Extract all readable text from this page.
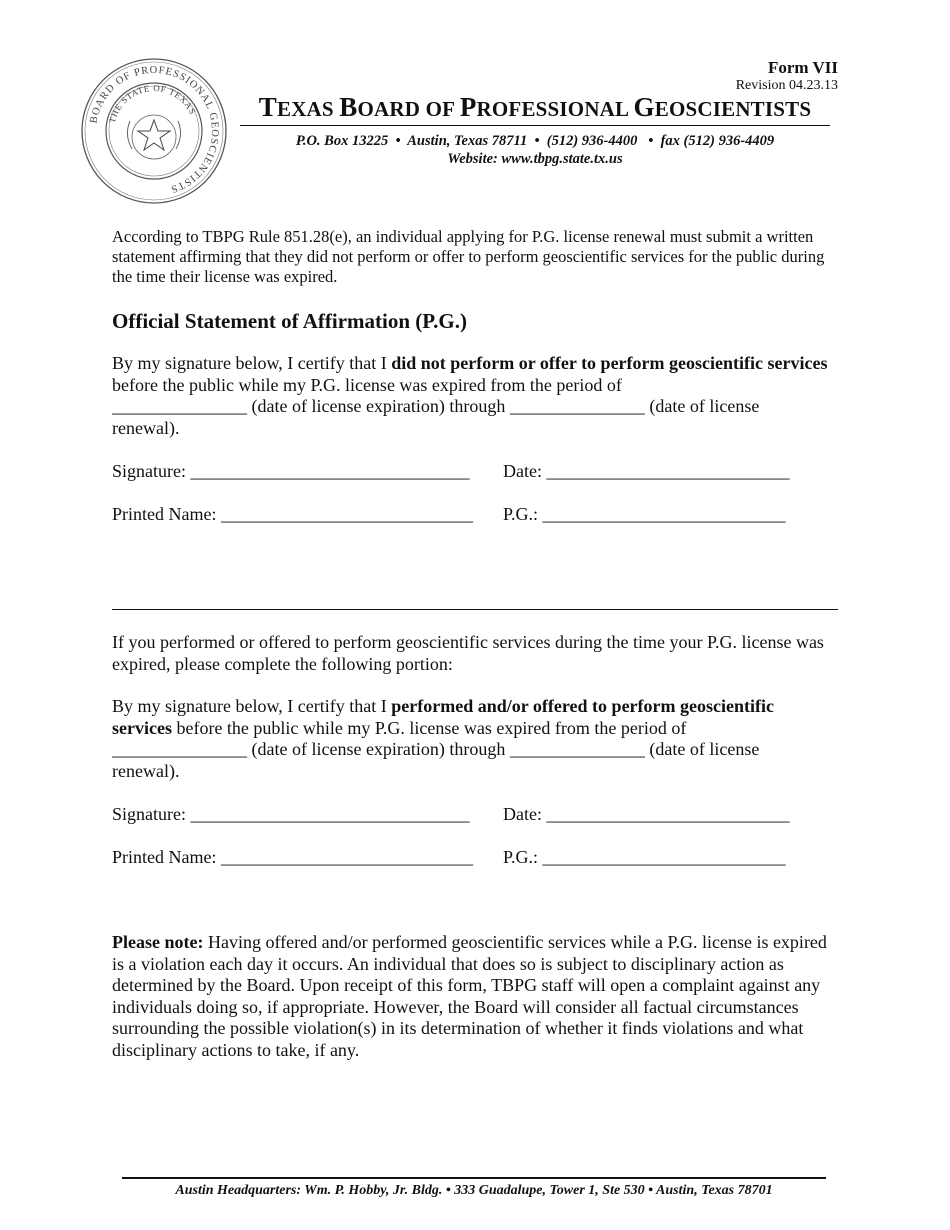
BOARD OF PROFESSIONAL GEOSCIENTISTS
THE STATE OF TEXAS
Form VII
Revision 04.23.13
TEXAS BOARD OF PROFESSIONAL GEOSCIENTISTS
P.O. Box 13225  •  Austin, Texas 78711  •  (512) 936-4400   •  fax (512) 936-4409
Website: www.tbpg.state.tx.us
According to TBPG Rule 851.28(e), an individual applying for P.G. license renewal must submit a written statement affirming that they did not perform or offer to perform geoscientific services for the public during the time their license was expired.
Official Statement of Affirmation (P.G.)
By my signature below, I certify that I did not perform or offer to perform geoscientific services before the public while my P.G. license was expired from the period of
_______________ (date of license expiration) through _______________ (date of license
renewal).
Signature: _______________________________ Date: ___________________________
Printed Name: ____________________________ P.G.: ___________________________
If you performed or offered to perform geoscientific services during the time your P.G. license was expired, please complete the following portion:
By my signature below, I certify that I performed and/or offered to perform geoscientific services before the public while my P.G. license was expired from the period of
_______________ (date of license expiration) through _______________ (date of license
renewal).
Signature: _______________________________ Date: ___________________________
Printed Name: ____________________________ P.G.: ___________________________
Please note: Having offered and/or performed geoscientific services while a P.G. license is expired is a violation each day it occurs. An individual that does so is subject to disciplinary action as determined by the Board. Upon receipt of this form, TBPG staff will open a complaint against any individuals doing so, if appropriate. However, the Board will consider all factual circumstances surrounding the possible violation(s) in its determination of whether it finds violations and what disciplinary actions to take, if any.
Austin Headquarters: Wm. P. Hobby, Jr. Bldg. • 333 Guadalupe, Tower 1, Ste 530 • Austin, Texas 78701
